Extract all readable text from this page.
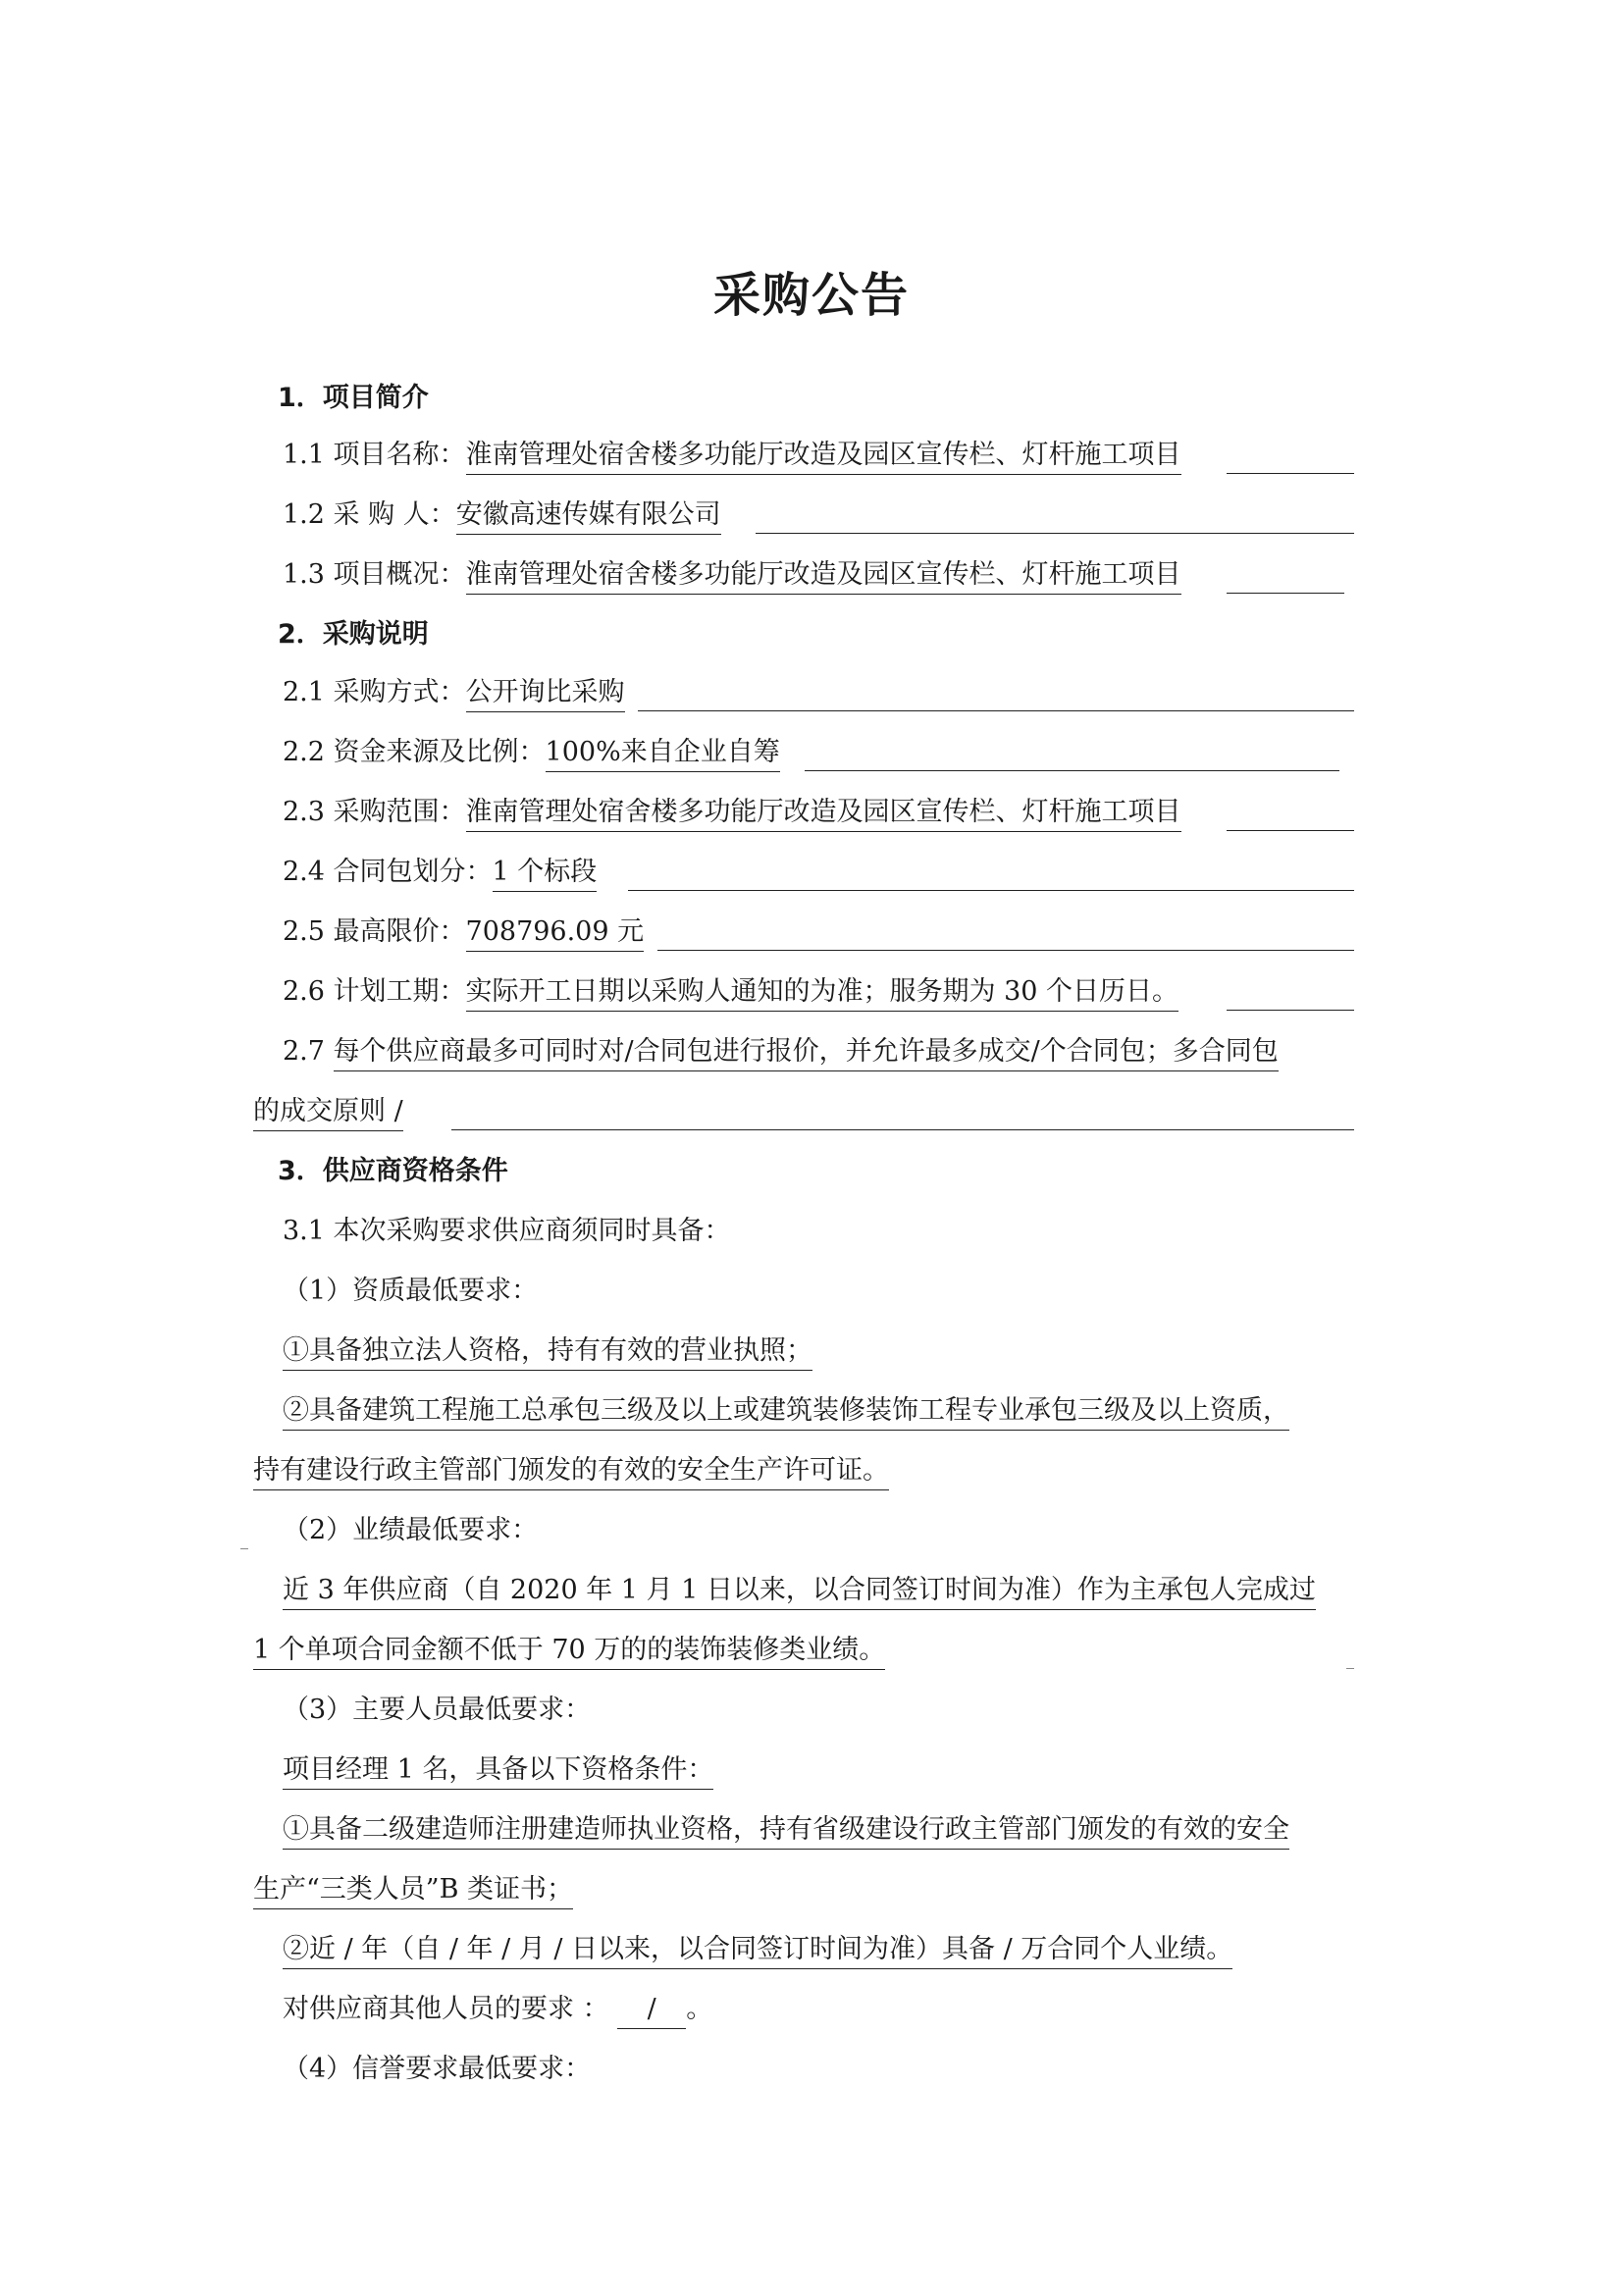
采购公告
1．项目简介
1.1 项目名称：淮南管理处宿舍楼多功能厅改造及园区宣传栏、灯杆施工项目
1.2 采 购 人：安徽高速传媒有限公司
1.3 项目概况：淮南管理处宿舍楼多功能厅改造及园区宣传栏、灯杆施工项目
2．采购说明
2.1 采购方式：公开询比采购
2.2 资金来源及比例：100%来自企业自筹
2.3 采购范围：淮南管理处宿舍楼多功能厅改造及园区宣传栏、灯杆施工项目
2.4 合同包划分：1 个标段
2.5 最高限价：708796.09 元
2.6 计划工期：实际开工日期以采购人通知的为准；服务期为 30 个日历日。
2.7 每个供应商最多可同时对/合同包进行报价，并允许最多成交/个合同包；多合同包
的成交原则 /
3．供应商资格条件
3.1 本次采购要求供应商须同时具备：
（1）资质最低要求：
①具备独立法人资格，持有有效的营业执照；
②具备建筑工程施工总承包三级及以上或建筑装修装饰工程专业承包三级及以上资质，
持有建设行政主管部门颁发的有效的安全生产许可证。
（2）业绩最低要求：
近 3 年供应商（自 2020 年 1 月 1 日以来，以合同签订时间为准）作为主承包人完成过
1 个单项合同金额不低于 70 万的的装饰装修类业绩。
（3）主要人员最低要求：
项目经理 1 名，具备以下资格条件：
①具备二级建造师注册建造师执业资格，持有省级建设行政主管部门颁发的有效的安全
生产“三类人员”B 类证书；
②近 / 年（自 / 年 / 月 / 日以来，以合同签订时间为准）具备 / 万合同个人业绩。
对供应商其他人员的要求 ： /。
（4）信誉要求最低要求：
